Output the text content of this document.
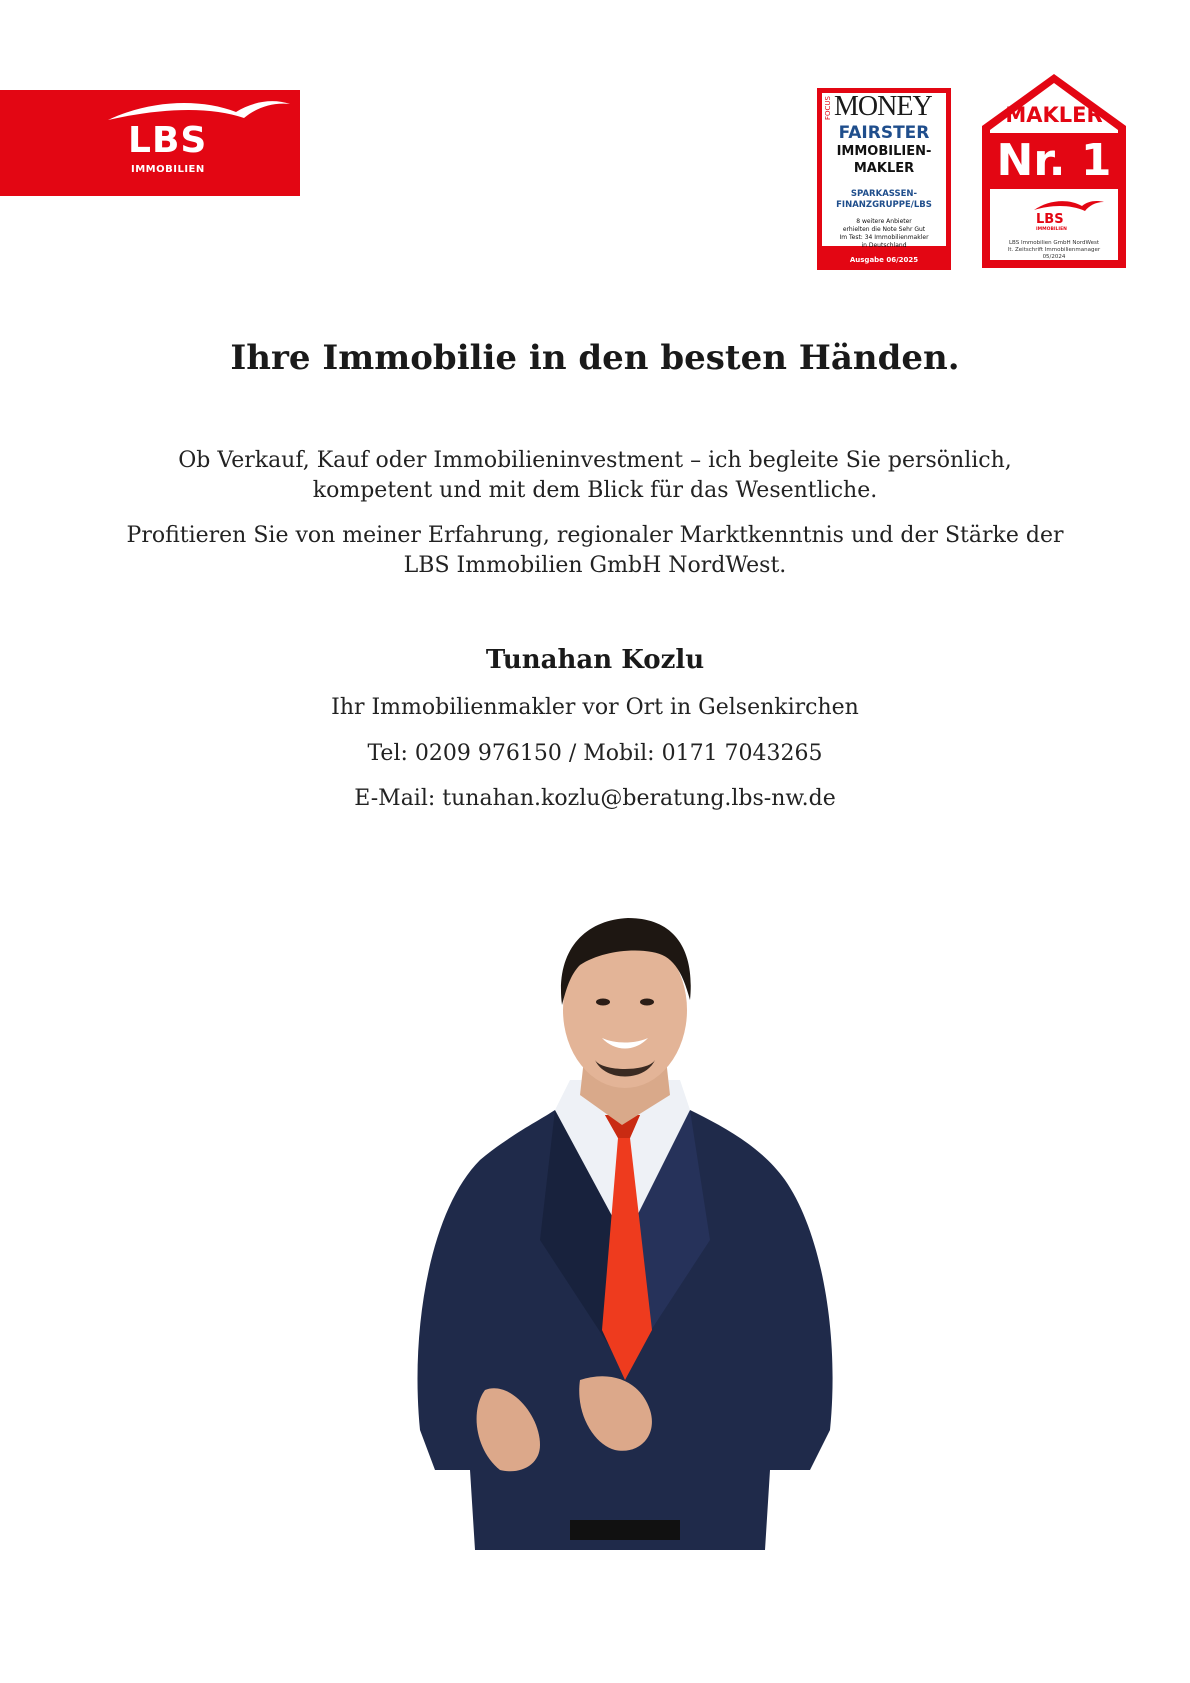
LBS
IMMOBILIEN
FOCUS MONEY
FAIRSTER
IMMOBILIEN-
MAKLER
SPARKASSEN-
FINANZGRUPPE/LBS
8 weitere Anbieter
erhielten die Note Sehr Gut
Im Test: 34 Immobilienmakler
in Deutschland
Ausgabe 06/2025
MAKLER
Nr. 1
LBS
IMMOBILIEN
LBS Immobilien GmbH NordWest
lt. Zeitschrift Immobilienmanager
05/2024
Ihre Immobilie in den besten Händen.
Ob Verkauf, Kauf oder Immobilieninvestment – ich begleite Sie persönlich, kompetent und mit dem Blick für das Wesentliche.
Profitieren Sie von meiner Erfahrung, regionaler Marktkenntnis und der Stärke der LBS Immobilien GmbH NordWest.
Tunahan Kozlu
Ihr Immobilienmakler vor Ort in Gelsenkirchen
Tel: 0209 976150 / Mobil: 0171 7043265
E-Mail: tunahan.kozlu@beratung.lbs-nw.de
